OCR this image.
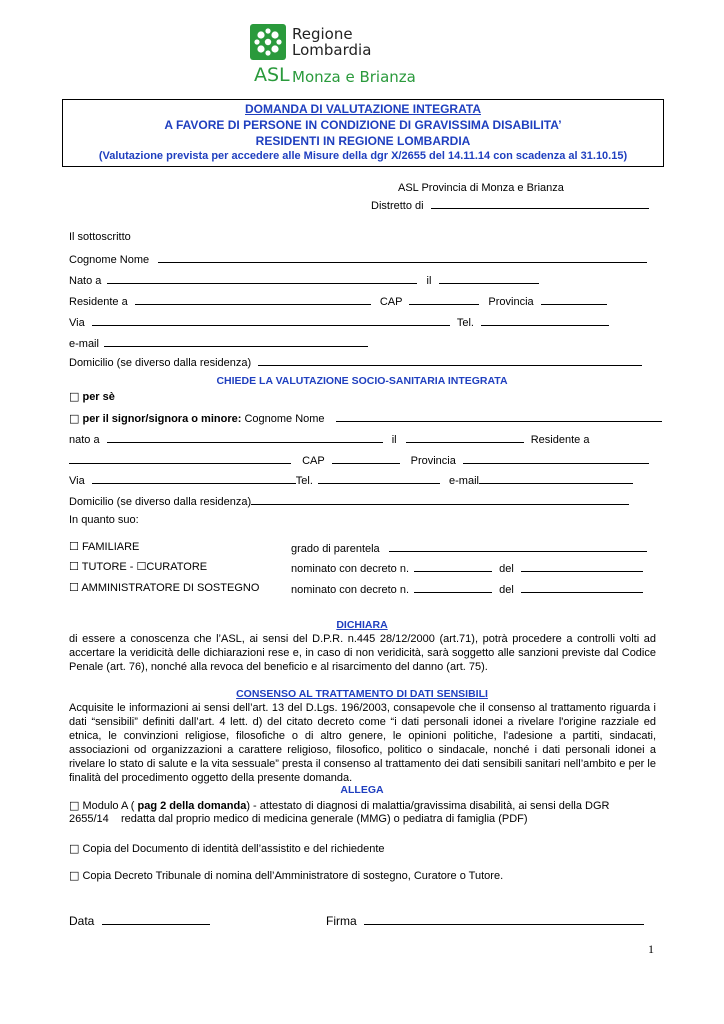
Regione
Lombardia
ASL Monza e Brianza
DOMANDA DI VALUTAZIONE INTEGRATA
A FAVORE DI PERSONE IN CONDIZIONE DI GRAVISSIMA DISABILITA’
RESIDENTI IN REGIONE LOMBARDIA
(Valutazione prevista per accedere alle Misure della dgr X/2655 del 14.11.14 con scadenza al 31.10.15)
ASL Provincia di Monza e Brianza
Distretto di
Il sottoscritto
Cognome Nome
Nato a	il
Residente a	CAP	Provincia
Via	Tel.
e-mail
Domicilio (se diverso dalla residenza)
CHIEDE LA VALUTAZIONE SOCIO-SANITARIA INTEGRATA
□ per sè
□ per il signor/signora o minore: Cognome Nome
nato a	il	Residente a
CAP	Provincia
Via	Tel.	e-mail
Domicilio (se diverso dalla residenza)
In quanto suo:
☐ FAMILIARE	grado di parentela
☐ TUTORE - ☐CURATORE	nominato con decreto n.	del
☐ AMMINISTRATORE DI SOSTEGNO	nominato con decreto n.	del
DICHIARA
di essere a conoscenza che l’ASL, ai sensi del D.P.R. n.445 28/12/2000 (art.71), potrà procedere a controlli volti ad accertare la veridicità delle dichiarazioni rese e, in caso di non veridicità, sarà soggetto alle sanzioni previste dal Codice Penale (art. 76), nonché alla revoca del beneficio e al risarcimento del danno (art. 75).
CONSENSO AL TRATTAMENTO DI DATI SENSIBILI
Acquisite le informazioni ai sensi dell’art. 13 del D.Lgs. 196/2003, consapevole che il consenso al trattamento riguarda i dati “sensibili” definiti dall’art. 4 lett. d) del citato decreto come “i dati personali idonei a rivelare l'origine razziale ed etnica, le convinzioni religiose, filosofiche o di altro genere, le opinioni politiche, l'adesione a partiti, sindacati, associazioni od organizzazioni a carattere religioso, filosofico, politico o sindacale, nonché i dati personali idonei a rivelare lo stato di salute e la vita sessuale” presta il consenso al trattamento dei dati sensibili sanitari nell’ambito e per le finalità del procedimento oggetto della presente domanda.
ALLEGA
□ Modulo A ( pag 2 della domanda) - attestato di diagnosi di malattia/gravissima disabilità, ai sensi della DGR
2655/14    redatta dal proprio medico di medicina generale (MMG) o pediatra di famiglia (PDF)
□ Copia del Documento di identità dell’assistito e del richiedente
□ Copia Decreto Tribunale di nomina dell’Amministratore di sostegno, Curatore o Tutore.
Data	Firma
1
